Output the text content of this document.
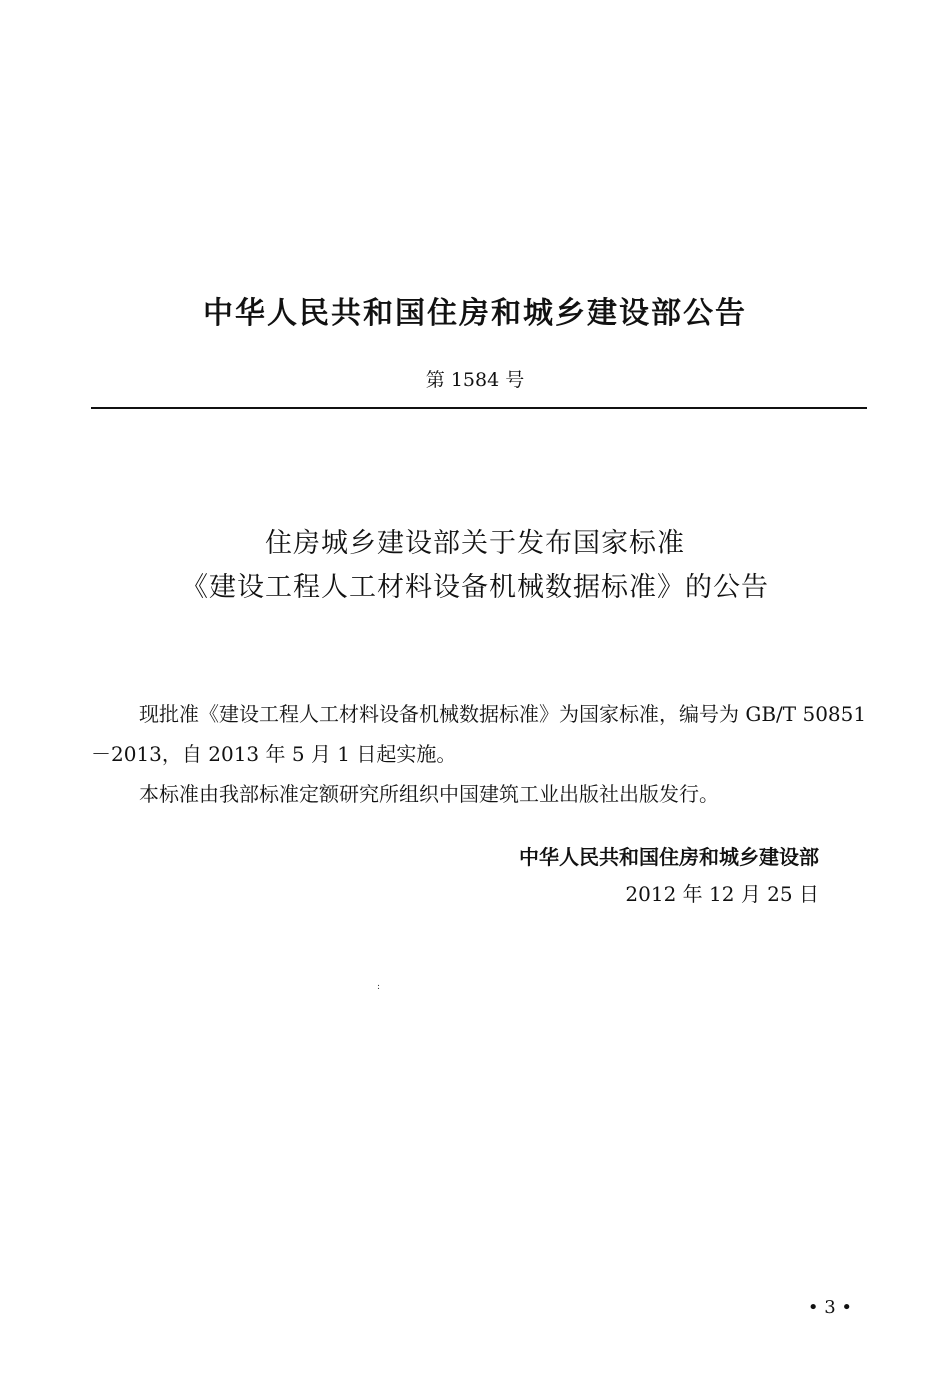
中华人民共和国住房和城乡建设部公告
第 1584 号
住房城乡建设部关于发布国家标准
《建设工程人工材料设备机械数据标准》的公告

现批准《建设工程人工材料设备机械数据标准》为国家标准，编号为 GB/T 50851－2013，自 2013 年 5 月 1 日起实施。

本标准由我部标准定额研究所组织中国建筑工业出版社出版发行。

中华人民共和国住房和城乡建设部
2012 年 12 月 25 日
:
• 3 •
